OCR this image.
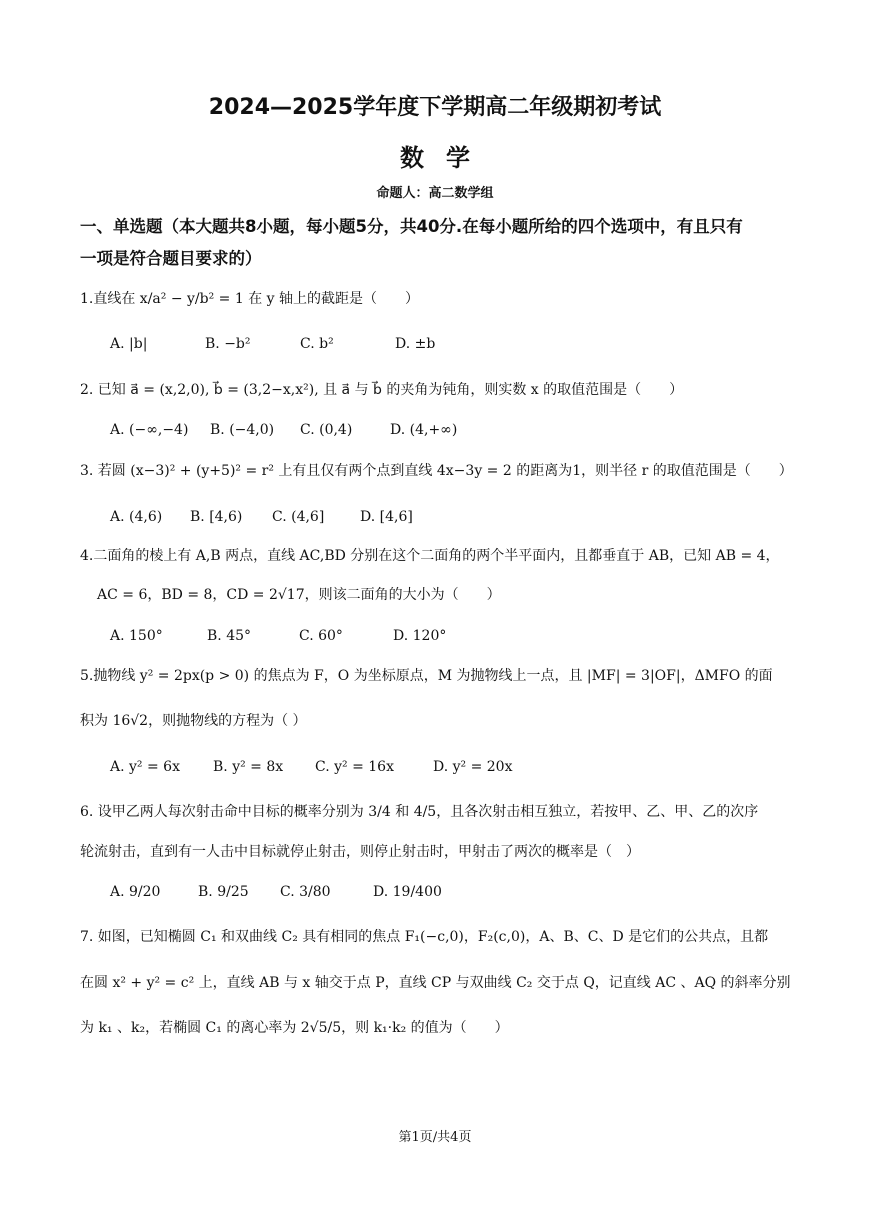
2024—2025学年度下学期高二年级期初考试
数学
命题人：高二数学组
一、单选题（本大题共8小题，每小题5分，共40分.在每小题所给的四个选项中，有且只有
一项是符合题目要求的）
1.直线在 x/a² − y/b² = 1 在 y 轴上的截距是（　　）
A. |b|	B. −b²	C. b²	D. ±b
2. 已知 a⃗ = (x,2,0), b⃗ = (3,2−x,x²), 且 a⃗ 与 b⃗ 的夹角为钝角，则实数 x 的取值范围是（　　）
A. (−∞,−4) B. (−4,0) C. (0,4)	D. (4,+∞)
3. 若圆 (x−3)² + (y+5)² = r² 上有且仅有两个点到直线 4x−3y = 2 的距离为1，则半径 r 的取值范围是（　　）
A. (4,6) B. [4,6) C. (4,6]	D. [4,6]
4.二面角的棱上有 A,B 两点，直线 AC,BD 分别在这个二面角的两个半平面内，且都垂直于 AB，已知 AB = 4，
AC = 6，BD = 8，CD = 2√17，则该二面角的大小为（　　）
A. 150°	B. 45°	C. 60°	D. 120°
5.抛物线 y² = 2px(p > 0) 的焦点为 F，O 为坐标原点，M 为抛物线上一点，且 |MF| = 3|OF|，ΔMFO 的面
积为 16√2，则抛物线的方程为（ ）
A. y² = 6x B. y² = 8x C. y² = 16x	D. y² = 20x
6. 设甲乙两人每次射击命中目标的概率分别为 3/4 和 4/5，且各次射击相互独立，若按甲、乙、甲、乙的次序
轮流射击，直到有一人击中目标就停止射击，则停止射击时，甲射击了两次的概率是（　）
A. 9/20	B. 9/25 C. 3/80	D. 19/400
7. 如图，已知椭圆 C₁ 和双曲线 C₂ 具有相同的焦点 F₁(−c,0)，F₂(c,0)，A、B、C、D 是它们的公共点，且都
在圆 x² + y² = c² 上，直线 AB 与 x 轴交于点 P，直线 CP 与双曲线 C₂ 交于点 Q，记直线 AC 、AQ 的斜率分别
为 k₁ 、k₂，若椭圆 C₁ 的离心率为 2√5/5，则 k₁·k₂ 的值为（　　）
第1页/共4页
